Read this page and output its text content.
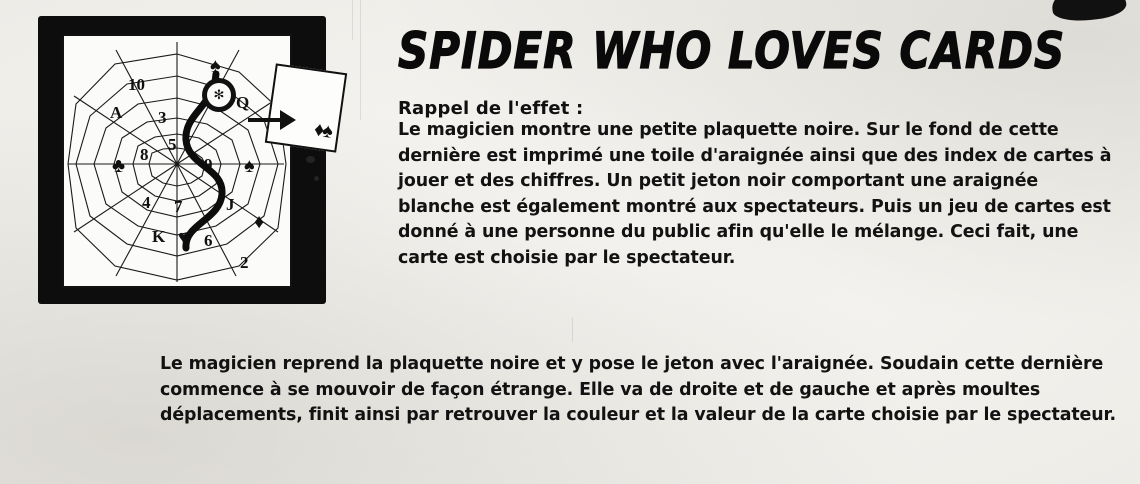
10
Q
A 3
5
8
9
4 7	J
K 6
2
♠
♣	♠
♦
♥
✻
♦♠
SPIDER WHO LOVES CARDS
Rappel de l'effet :

Le magicien montre une petite plaquette noire. Sur le fond de cette dernière est imprimé une toile d'araignée ainsi que des index de cartes à jouer et des chiffres. Un petit jeton noir comportant une araignée blanche est également montré aux spectateurs. Puis un jeu de cartes est donné à une personne du public afin qu'elle le mélange. Ceci fait, une carte est choisie par le spectateur.

Le magicien reprend la plaquette noire et y pose le jeton avec l'araignée. Soudain cette dernière commence à se mouvoir de façon étrange. Elle va de droite et de gauche et après moultes déplacements, finit ainsi par retrouver la couleur et la valeur de la carte choisie par le spectateur.
